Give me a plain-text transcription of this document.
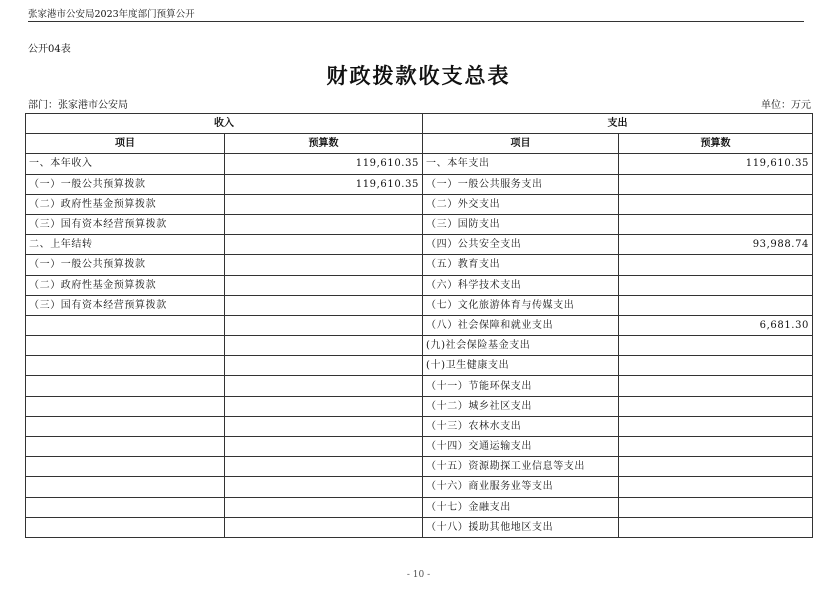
张家港市公安局2023年度部门预算公开
公开04表
财政拨款收支总表
部门：张家港市公安局	单位：万元
收入		支出	
项目	预算数	项目	预算数
一、本年收入	119,610.35	一、本年支出	119,610.35
（一）一般公共预算拨款	119,610.35	（一）一般公共服务支出	
（二）政府性基金预算拨款		（二）外交支出	
（三）国有资本经营预算拨款		（三）国防支出	
二、上年结转		（四）公共安全支出	93,988.74
（一）一般公共预算拨款		（五）教育支出	
（二）政府性基金预算拨款		（六）科学技术支出	
（三）国有资本经营预算拨款		（七）文化旅游体育与传媒支出	
		（八）社会保障和就业支出	6,681.30
		(九)社会保险基金支出	
		(十)卫生健康支出	
		（十一）节能环保支出	
		（十二）城乡社区支出	
		（十三）农林水支出	
		（十四）交通运输支出	
		（十五）资源勘探工业信息等支出	
		（十六）商业服务业等支出	
		（十七）金融支出	
		（十八）援助其他地区支出	
- 10 -
